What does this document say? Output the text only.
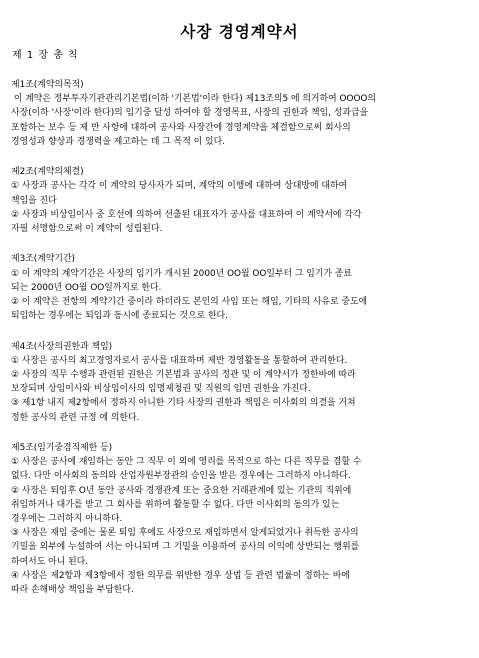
사장 경영계약서
제 1 장 총 칙
제1조(계약의목적)
이 계약은 정부투자기관관리기본법(이하 '기본법'이라 한다) 제13조의5 에 의거하여 OOOO의
사장(이하 '사장'이라 한다)의 임기중 달성 하여야 할 경영목표, 사장의 권한과 책임, 성과급을
포함하는 보수 등 제 반 사항에 대하여 공사와 사장간에 경영계약을 체결함으로써 회사의
경영성과 향상과 경쟁력을 제고하는 데 그 목적 이 있다.
제2조(계약의체결)
① 사장과 공사는 각각 이 계약의 당사자가 되며, 계약의 이행에 대하여 상대방에 대하여
책임을 진다
② 사장과 비상임이사 중 호선에 의하여 선출된 대표자가 공사를 대표하여 이 계약서에 각각
자필 서명함으로써 이 계약이 성립된다.
제3조(계약기간)
① 이 계약의 계약기간은 사장의 임기가 개시된 2000년 OO월 OO일부터 그 임기가 종료
되는 2000년 OO월 OO일까지로 한다.
② 이 계약은 전항의 계약기간 중이라 하더라도 본인의 사임 또는 해임, 기타의 사유로 중도에
퇴임하는 경우에는 퇴임과 동시에 종료되는 것으로 한다.
제4조(사장의권한과 책임)
① 사장은 공사의 최고경영자로서 공사를 대표하며 제반 경영활동을 통할하여 관리한다.
② 사장의 직무 수행과 관련된 권한은 기본법과 공사의 정관 및 이 계약서가 정한바에 따라
보장되며 상임이사와 비상임이사의 임명제청권 및 직원의 임면 권한을 가진다.
③ 제1항 내지 제2항에서 정하지 아니한 기타 사장의 권한과 책임은 이사회의 의결을 거쳐
정한 공사의 관련 규정 에 의한다.
제5조(임기중겸직제한 등)
① 사장은 공사에 재임하는 동안 그 직무 이 외에 영리를 목적으로 하는 다른 직무를 겸할 수
없다. 다만 이사회의 동의와 산업자원부장관의 승인을 받은 경우에는 그러하지 아니하다.
② 사장은 퇴임후 O년 동안 공사와 경쟁관계 또는 중요한 거래관계에 있는 기관의 직위에
취임하거나 대가를 받고 그 회사를 위하여 활동할 수 없다. 다만 이사회의 동의가 있는
경우에는 그러하지 아니하다.
③ 사장은 재임 중에는 물론 퇴임 후에도 사장으로 재임하면서 알게되었거나 취득한 공사의
기밀을 외부에 누설하여 서는 아니되며 그 기밀을 이용하여 공사의 이익에 상반되는 행위를
하여서도 아니 된다.
④ 사장은 제2항과 제3항에서 정한 의무를 위반한 경우 상법 등 관련 법률이 정하는 바에
따라 손해배상 책임을 부담한다.
